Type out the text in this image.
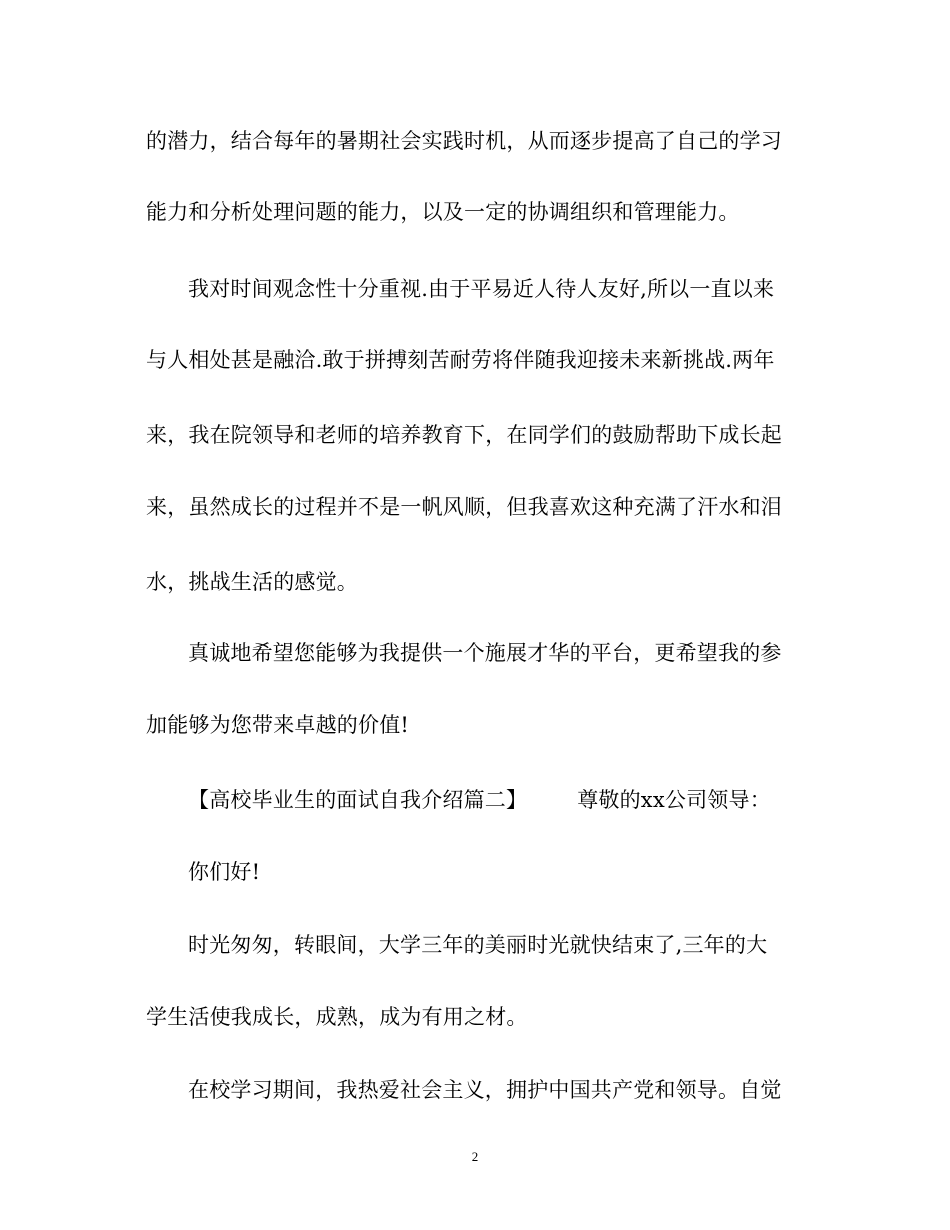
的潜力，结合每年的暑期社会实践时机，从而逐步提高了自己的学习
能力和分析处理问题的能力，以及一定的协调组织和管理能力。
我对时间观念性十分重视.由于平易近人待人友好,所以一直以来
与人相处甚是融洽.敢于拼搏刻苦耐劳将伴随我迎接未来新挑战.两年
来，我在院领导和老师的培养教育下，在同学们的鼓励帮助下成长起
来，虽然成长的过程并不是一帆风顺，但我喜欢这种充满了汗水和泪
水，挑战生活的感觉。
真诚地希望您能够为我提供一个施展才华的平台，更希望我的参
加能够为您带来卓越的价值!
【高校毕业生的面试自我介绍篇二】 尊敬的xx公司领导：
你们好!
时光匆匆，转眼间，大学三年的美丽时光就快结束了,三年的大
学生活使我成长，成熟，成为有用之材。
在校学习期间，我热爱社会主义，拥护中国共产党和领导。自觉
2
